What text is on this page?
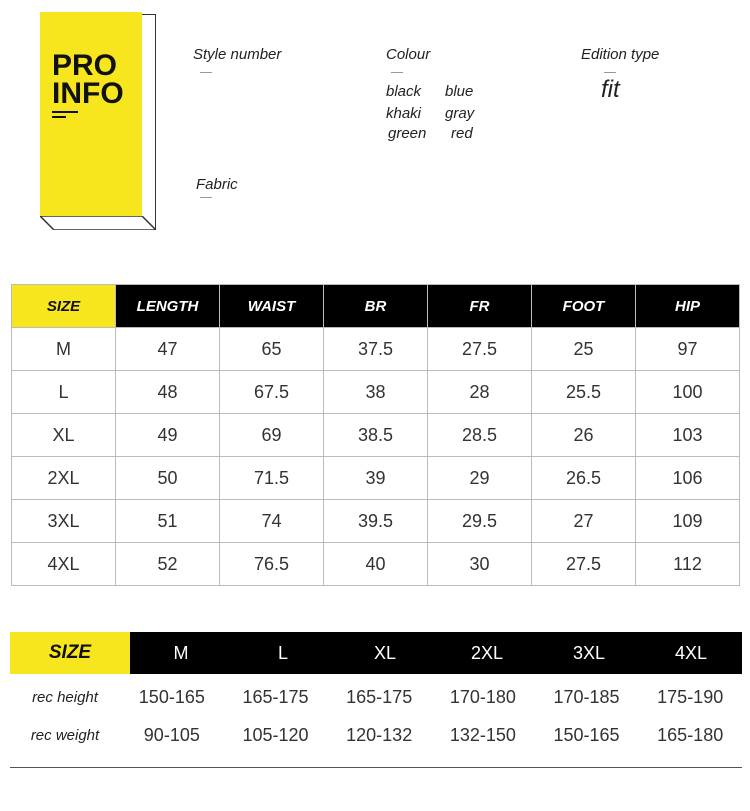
PRO
INFO
Style number	Colour
black blue
khaki gray
green red
Edition type
fit
Fabric
SIZE	LENGTH	WAIST	BR	FR	FOOT	HIP
M	47	65	37.5	27.5	25	97
L	48	67.5	38	28	25.5	100
XL	49	69	38.5	28.5	26	103
2XL	50	71.5	39	29	26.5	106
3XL	51	74	39.5	29.5	27	109
4XL	52	76.5	40	30	27.5	112
SIZE	M	L	XL	2XL	3XL	4XL
rec height	150-165	165-175	165-175	170-180	170-185	175-190
rec weight	90-105	105-120	120-132	132-150	150-165	165-180
